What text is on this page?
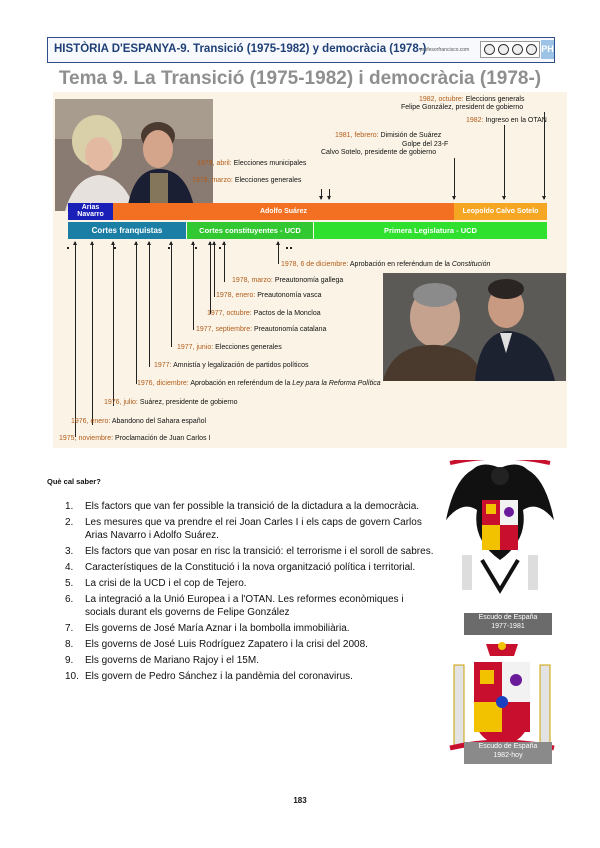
HISTÒRIA D'ESPANYA-9. Transició (1975-1982) y democràcia (1978-)
profesorfrancisco.com	PH
Tema 9. La Transició (1975-1982) i democràcia (1978-)
1982, octubre: Eleccions generals
Felipe González, president de gobierno
1982: Ingreso en la OTAN
1981, febrero: Dimisión de Suárez
Golpe del 23-F
Calvo Sotelo, presidente de gobierno
1979, abril: Elecciones municipales
1979, marzo: Elecciones generales
Arias Navarro	Adolfo Suárez	Leopoldo Calvo Sotelo
Cortes franquistas	Cortes constituyentes - UCD	Primera Legislatura - UCD
1978, 6 de diciembre: Aprobación en referéndum de la Constitución
1978, marzo: Preautonomía gallega
1978, enero: Preautonomía vasca
1977, octubre: Pactos de la Moncloa
1977, septiembre: Preautonomía catalana
1977, junio: Elecciones generales
1977: Amnistía y legalización de partidos políticos
1976, diciembre: Aprobación en referéndum de la Ley para la Reforma Política
1976, julio: Suárez, presidente de gobierno
1976, enero: Abandono del Sahara español
1975, noviembre: Proclamación de Juan Carlos I
Què cal saber?
1. Els factors que van fer possible la transició de la dictadura a la democràcia.
2. Les mesures que va prendre el rei Joan Carles I i els caps de govern Carlos Arias Navarro i Adolfo Suárez.
3. Els factors que van posar en risc la transició: el terrorisme i el soroll de sabres.
4. Característiques de la Constitució i la nova organització política i territorial.
5. La crisi de la UCD i el cop de Tejero.
6. La integració a la Unió Europea i a l'OTAN. Les reformes econòmiques i socials durant els governs de Felipe González
7. Els governs de José María Aznar i la bombolla immobiliària.
8. Els governs de José Luis Rodríguez Zapatero i la crisi del 2008.
9. Els governs de Mariano Rajoy i el 15M.
10. Els govern de Pedro Sánchez i la pandèmia del coronavirus.
Escudo de España
1977-1981
Escudo de España
1982-hoy
183
